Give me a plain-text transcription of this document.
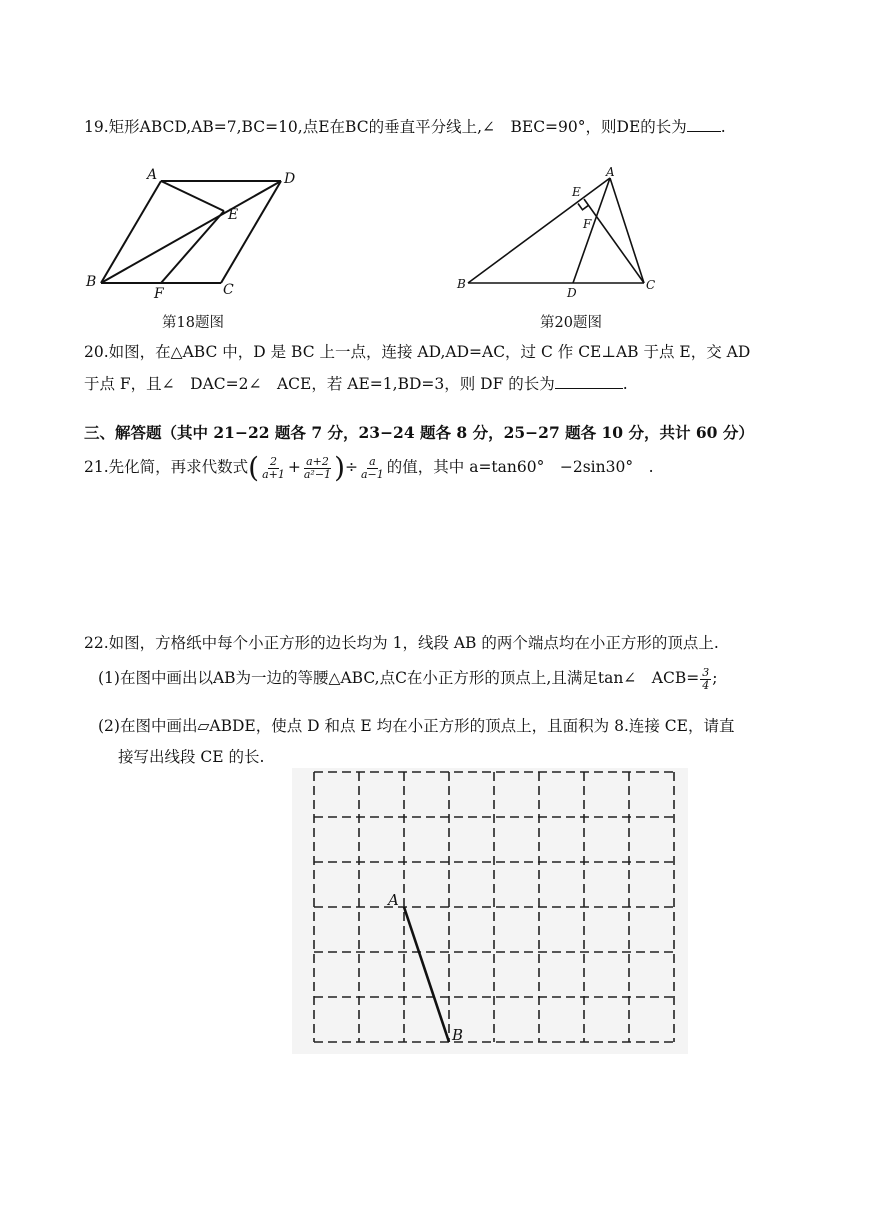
19.矩形ABCD,AB=7,BC=10,点E在BC的垂直平分线上,∠　BEC=90°，则DE的长为 .
A	D
E
B
F	C
第18题图
A
E
F
B
D
C
第20题图
20.如图，在△ABC 中，D 是 BC 上一点，连接 AD,AD=AC，过 C 作 CE⊥AB 于点 E，交 AD
于点 F，且∠　DAC=2∠　ACE，若 AE=1,BD=3，则 DF 的长为	.
三、解答题（其中 21−22 题各 7 分，23−24 题各 8 分，25−27 题各 10 分，共计 60 分）
21.先化简，再求代数式( $\frac{2}{a+1} + \frac{a+2}{\text{a²−1}}$ )÷ $\frac{a}{a-1}$ 的值，其中 a=tan60°　−2sin30°　.
22.如图，方格纸中每个小正方形的边长均为 1，线段 AB 的两个端点均在小正方形的顶点上.
(1)在图中画出以AB为一边的等腰△ABC,点C在小正方形的顶点上,且满足tan∠　$ACB= \frac{3}{4}$ ;
(2)在图中画出▱ABDE，使点 D 和点 E 均在小正方形的顶点上，且面积为 8.连接 CE，请直
接写出线段 CE 的长.
A
B
